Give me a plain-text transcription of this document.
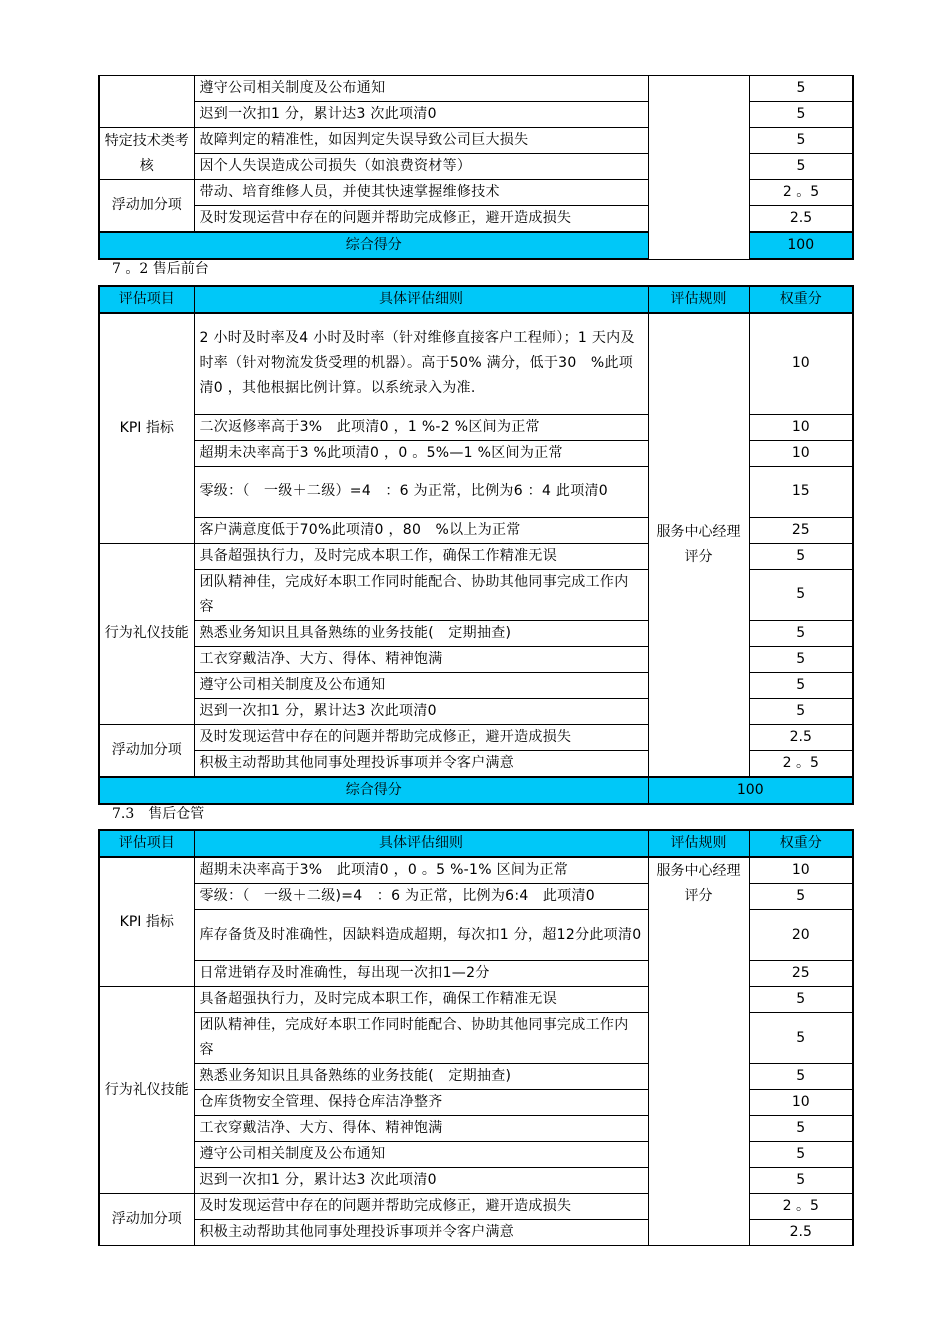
	遵守公司相关制度及公布通知		5
	迟到一次扣1 分，累计达3 次此项清0		5
特定技术类考核	故障判定的精准性，如因判定失误导致公司巨大损失		5
	因个人失误造成公司损失（如浪费资材等）		5
浮动加分项	带动、培育维修人员，并使其快速掌握维修技术		2 。5
	及时发现运营中存在的问题并帮助完成修正，避开造成损失		2.5
综合得分			100
7 。2 售后前台
评估项目	具体评估细则	评估规则	权重分
KPI 指标	2 小时及时率及4 小时及时率（针对维修直接客户工程师）；1 天内及时率（针对物流发货受理的机器）。高于50% 满分，低于30　%此项清0 ，其他根据比例计算。以系统录入为准.	服务中心经理评分	10
	二次返修率高于3%　此项清0 ，1 %-2 %区间为正常		10
	超期未决率高于3 %此项清0 ，0 。5%—1 %区间为正常		10
	零级：（　一级＋二级）=4　：6 为正常，比例为6 ：4 此项清0		15
	客户满意度低于70%此项清0 ，80　%以上为正常		25
行为礼仪技能	具备超强执行力，及时完成本职工作，确保工作精准无误		5
	团队精神佳，完成好本职工作同时能配合、协助其他同事完成工作内容		5
	熟悉业务知识且具备熟练的业务技能(　定期抽查)		5
	工衣穿戴洁净、大方、得体、精神饱满		5
	遵守公司相关制度及公布通知		5
	迟到一次扣1 分，累计达3 次此项清0		5
浮动加分项	及时发现运营中存在的问题并帮助完成修正，避开造成损失		2.5
	积极主动帮助其他同事处理投诉事项并令客户满意		2 。5
综合得分		100	
7.3　售后仓管
评估项目	具体评估细则	评估规则	权重分
KPI 指标	超期未决率高于3%　此项清0 ，0 。5 %-1% 区间为正常	服务中心经理评分	10
	零级：（　一级＋二级)=4　：6 为正常，比例为6:4　此项清0		5
	库存备货及时准确性，因缺料造成超期，每次扣1 分，超12分此项清0		20
	日常进销存及时准确性，每出现一次扣1—2分		25
行为礼仪技能	具备超强执行力，及时完成本职工作，确保工作精准无误		5
	团队精神佳，完成好本职工作同时能配合、协助其他同事完成工作内容		5
	熟悉业务知识且具备熟练的业务技能(　定期抽查)		5
	仓库货物安全管理、保持仓库洁净整齐		10
	工衣穿戴洁净、大方、得体、精神饱满		5
	遵守公司相关制度及公布通知		5
	迟到一次扣1 分，累计达3 次此项清0		5
浮动加分项	及时发现运营中存在的问题并帮助完成修正，避开造成损失		2 。5
	积极主动帮助其他同事处理投诉事项并令客户满意		2.5
